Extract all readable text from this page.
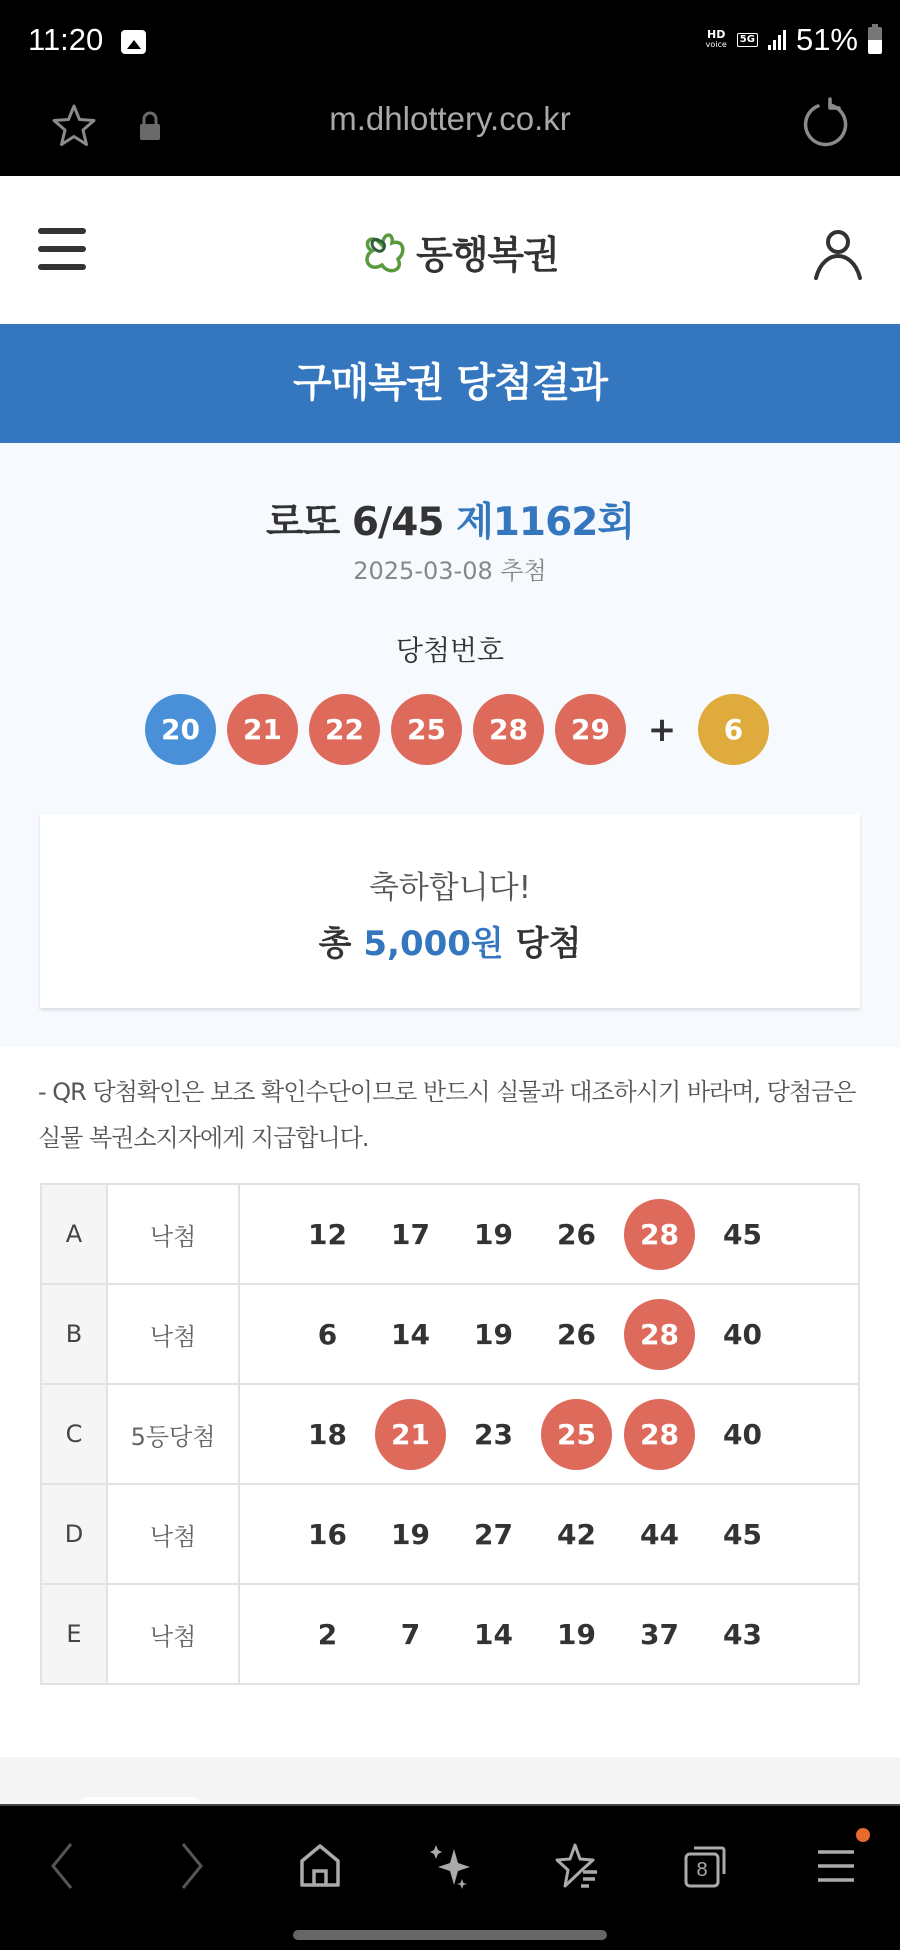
11:20	HD
voice	5G 51%
m.dhlottery.co.kr
동행복권
구매복권 당첨결과
로또 6/45 제1162회
2025-03-08 추첨
당첨번호
20	21	22	25	28	29	+	6
축하합니다!
총 5,000원 당첨

- QR 당첨확인은 보조 확인수단이므로 반드시 실물과 대조하시기 바라며, 당첨금은 실물 복권소지자에게 지급합니다.

A	낙첨	12	17	19	26	28	45

B	낙첨	6	14	19	26	28	40

C	5등당첨	18	21	23	25	28	40

D	낙첨	16	19	27	42	44	45

E	낙첨	2	7	14	19	37	43
8
